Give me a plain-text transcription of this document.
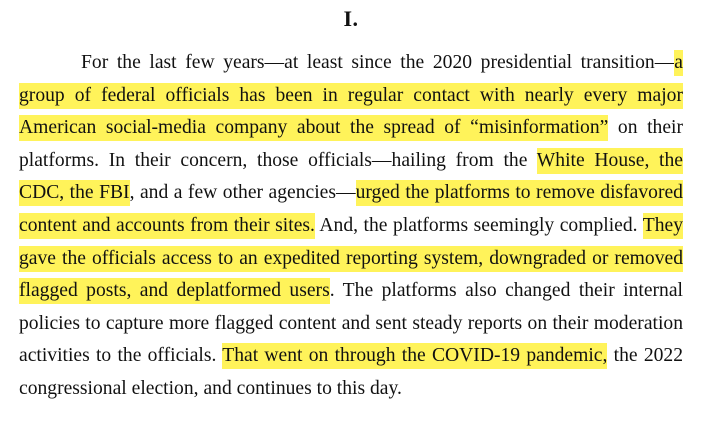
I.

For the last few years—at least since the 2020 presidential transition—a group of federal officials has been in regular contact with nearly every major American social-media company about the spread of “misinformation” on their platforms. In their concern, those officials—hailing from the White House, the CDC, the FBI, and a few other agencies—urged the platforms to remove disfavored content and accounts from their sites. And, the platforms seemingly complied. They gave the officials access to an expedited reporting system, downgraded or removed flagged posts, and deplatformed users. The platforms also changed their internal policies to capture more flagged content and sent steady reports on their moderation activities to the officials. That went on through the COVID-19 pandemic, the 2022 congressional election, and continues to this day.
